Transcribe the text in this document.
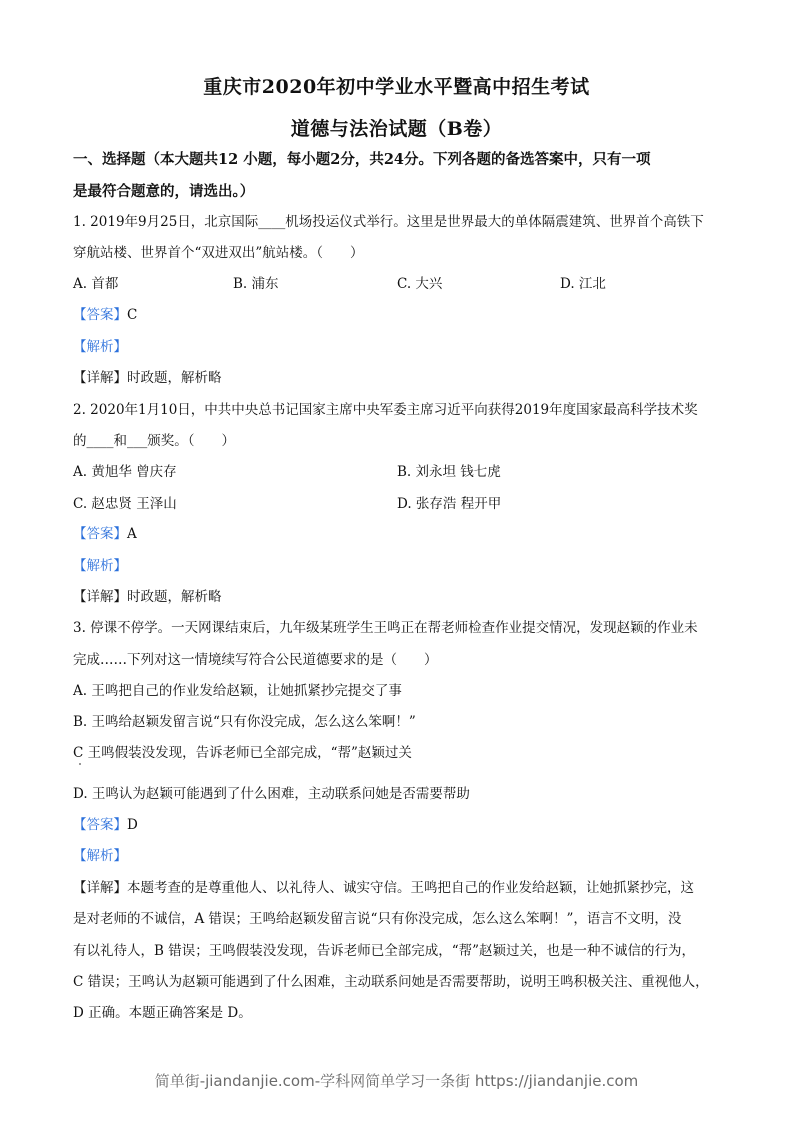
重庆市2020年初中学业水平暨高中招生考试
道德与法治试题（B卷）
一、选择题（本大题共12 小题，每小题2分，共24分。下列各题的备选答案中，只有一项
是最符合题意的，请选出。）
1. 2019年9月25日，北京国际____机场投运仪式举行。这里是世界最大的单体隔震建筑、世界首个高铁下
穿航站楼、世界首个“双进双出”航站楼。（　　）
A. 首都	B. 浦东	C. 大兴	D. 江北
【答案】C
【解析】
【详解】时政题，解析略
2. 2020年1月10日，中共中央总书记国家主席中央军委主席习近平向获得2019年度国家最高科学技术奖
的____和___颁奖。（　　）
A. 黄旭华 曾庆存	B. 刘永坦 钱七虎
C. 赵忠贤 王泽山	D. 张存浩 程开甲
【答案】A
【解析】
【详解】时政题，解析略
3. 停课不停学。一天网课结束后，九年级某班学生王鸣正在帮老师检查作业提交情况，发现赵颖的作业未
完成……下列对这一情境续写符合公民道德要求的是（　　）
A. 王鸣把自己的作业发给赵颖，让她抓紧抄完提交了事
B. 王鸣给赵颖发留言说“只有你没完成，怎么这么笨啊！”
C 王鸣假装没发现，告诉老师已全部完成，“帮”赵颖过关
D. 王鸣认为赵颖可能遇到了什么困难，主动联系问她是否需要帮助
【答案】D
【解析】
【详解】本题考查的是尊重他人、以礼待人、诚实守信。王鸣把自己的作业发给赵颖，让她抓紧抄完，这
是对老师的不诚信，A 错误；王鸣给赵颖发留言说“只有你没完成，怎么这么笨啊！”，语言不文明，没
有以礼待人，B 错误；王鸣假装没发现，告诉老师已全部完成，“帮”赵颖过关，也是一种不诚信的行为，
C 错误；王鸣认为赵颖可能遇到了什么困难，主动联系问她是否需要帮助，说明王鸣积极关注、重视他人，
D 正确。本题正确答案是 D。
简单街-jiandanjie.com-学科网简单学习一条街 https://jiandanjie.com
